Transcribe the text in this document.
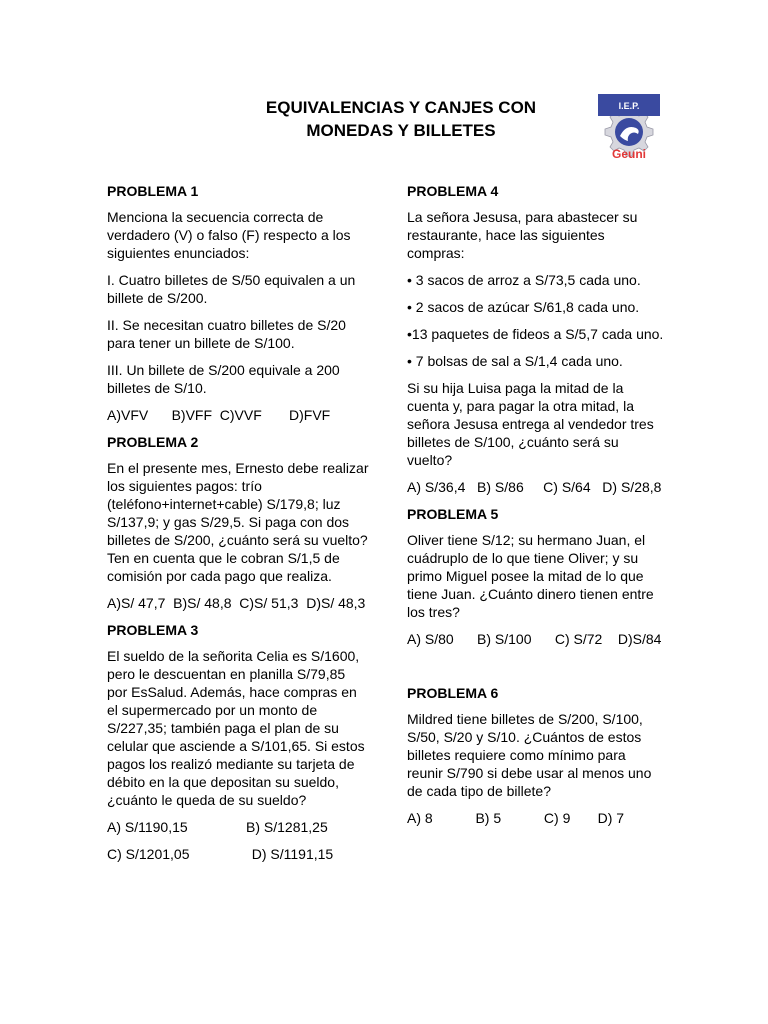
EQUIVALENCIAS Y CANJES CON
MONEDAS Y BILLETES
I.E.P.
Geuni
PROBLEMA 1
Menciona la secuencia correcta de verdadero (V) o falso (F) respecto a los siguientes enunciados:
I. Cuatro billetes de S/50 equivalen a un billete de S/200.
II. Se necesitan cuatro billetes de S/20 para tener un billete de S/100.
III. Un billete de S/200 equivale a 200 billetes de S/10.
A)VFV      B)VFF  C)VVF       D)FVF
PROBLEMA 2
En el presente mes, Ernesto debe realizar los siguientes pagos: trío (teléfono+internet+cable) S/179,8; luz S/137,9; y gas S/29,5. Si paga con dos billetes de S/200, ¿cuánto será su vuelto? Ten en cuenta que le cobran S/1,5 de comisión por cada pago que realiza.
A)S/ 47,7  B)S/ 48,8  C)S/ 51,3  D)S/ 48,3
PROBLEMA 3
El sueldo de la señorita Celia es S/1600, pero le descuentan en planilla S/79,85 por EsSalud. Además, hace compras en el supermercado por un monto de S/227,35; también paga el plan de su celular que asciende a S/101,65. Si estos pagos los realizó mediante su tarjeta de débito en la que depositan su sueldo, ¿cuánto le queda de su sueldo?
A) S/1190,15               B) S/1281,25
C) S/1201,05                D) S/1191,15
PROBLEMA 4
La señora Jesusa, para abastecer su restaurante, hace las siguientes compras:
• 3 sacos de arroz a S/73,5 cada uno.
• 2 sacos de azúcar S/61,8 cada uno.
•13 paquetes de fideos a S/5,7 cada uno.
• 7 bolsas de sal a S/1,4 cada uno.
Si su hija Luisa paga la mitad de la cuenta y, para pagar la otra mitad, la señora Jesusa entrega al vendedor tres billetes de S/100, ¿cuánto será su vuelto?
A) S/36,4   B) S/86     C) S/64   D) S/28,8
PROBLEMA 5
Oliver tiene S/12; su hermano Juan, el cuádruplo de lo que tiene Oliver; y su primo Miguel posee la mitad de lo que tiene Juan. ¿Cuánto dinero tienen entre los tres?
A) S/80      B) S/100      C) S/72    D)S/84
PROBLEMA 6
Mildred tiene billetes de S/200, S/100, S/50, S/20 y S/10. ¿Cuántos de estos billetes requiere como mínimo para reunir S/790 si debe usar al menos uno de cada tipo de billete?
A) 8           B) 5           C) 9       D) 7
